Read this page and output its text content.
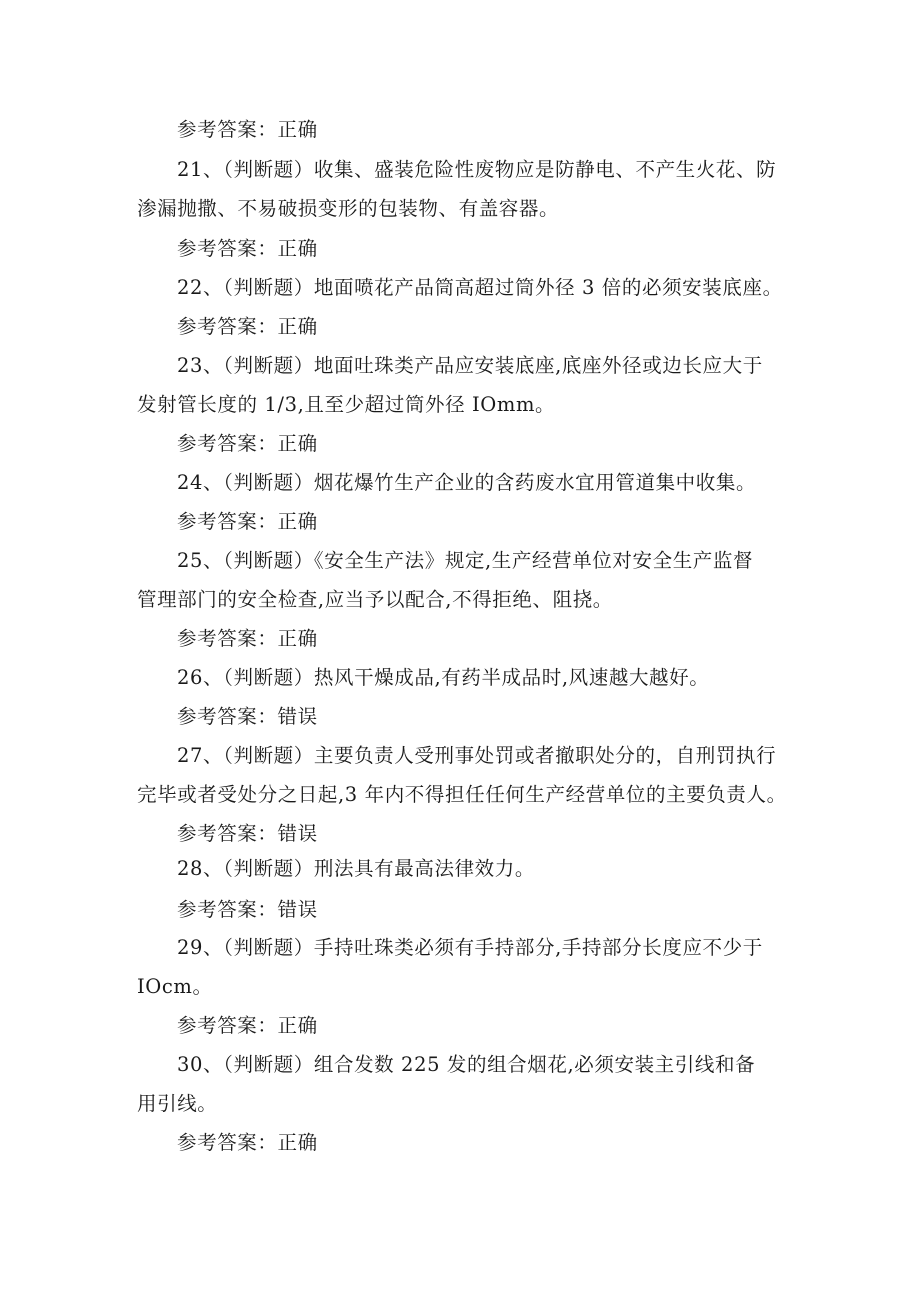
参考答案：正确
21、（判断题）收集、盛装危险性废物应是防静电、不产生火花、防
渗漏抛撒、不易破损变形的包装物、有盖容器。
参考答案：正确
22、（判断题）地面喷花产品筒高超过筒外径 3 倍的必须安装底座。
参考答案：正确
23、（判断题）地面吐珠类产品应安装底座,底座外径或边长应大于
发射管长度的 1/3,且至少超过筒外径 IOmm。
参考答案：正确
24、（判断题）烟花爆竹生产企业的含药废水宜用管道集中收集。
参考答案：正确
25、（判断题）《安全生产法》规定,生产经营单位对安全生产监督
管理部门的安全检查,应当予以配合,不得拒绝、阻挠。
参考答案：正确
26、（判断题）热风干燥成品,有药半成品时,风速越大越好。
参考答案：错误
27、（判断题）主要负责人受刑事处罚或者撤职处分的，自刑罚执行
完毕或者受处分之日起,3 年内不得担任任何生产经营单位的主要负责人。
参考答案：错误
28、（判断题）刑法具有最高法律效力。
参考答案：错误
29、（判断题）手持吐珠类必须有手持部分,手持部分长度应不少于
IOcm。
参考答案：正确
30、（判断题）组合发数 225 发的组合烟花,必须安装主引线和备
用引线。
参考答案：正确
